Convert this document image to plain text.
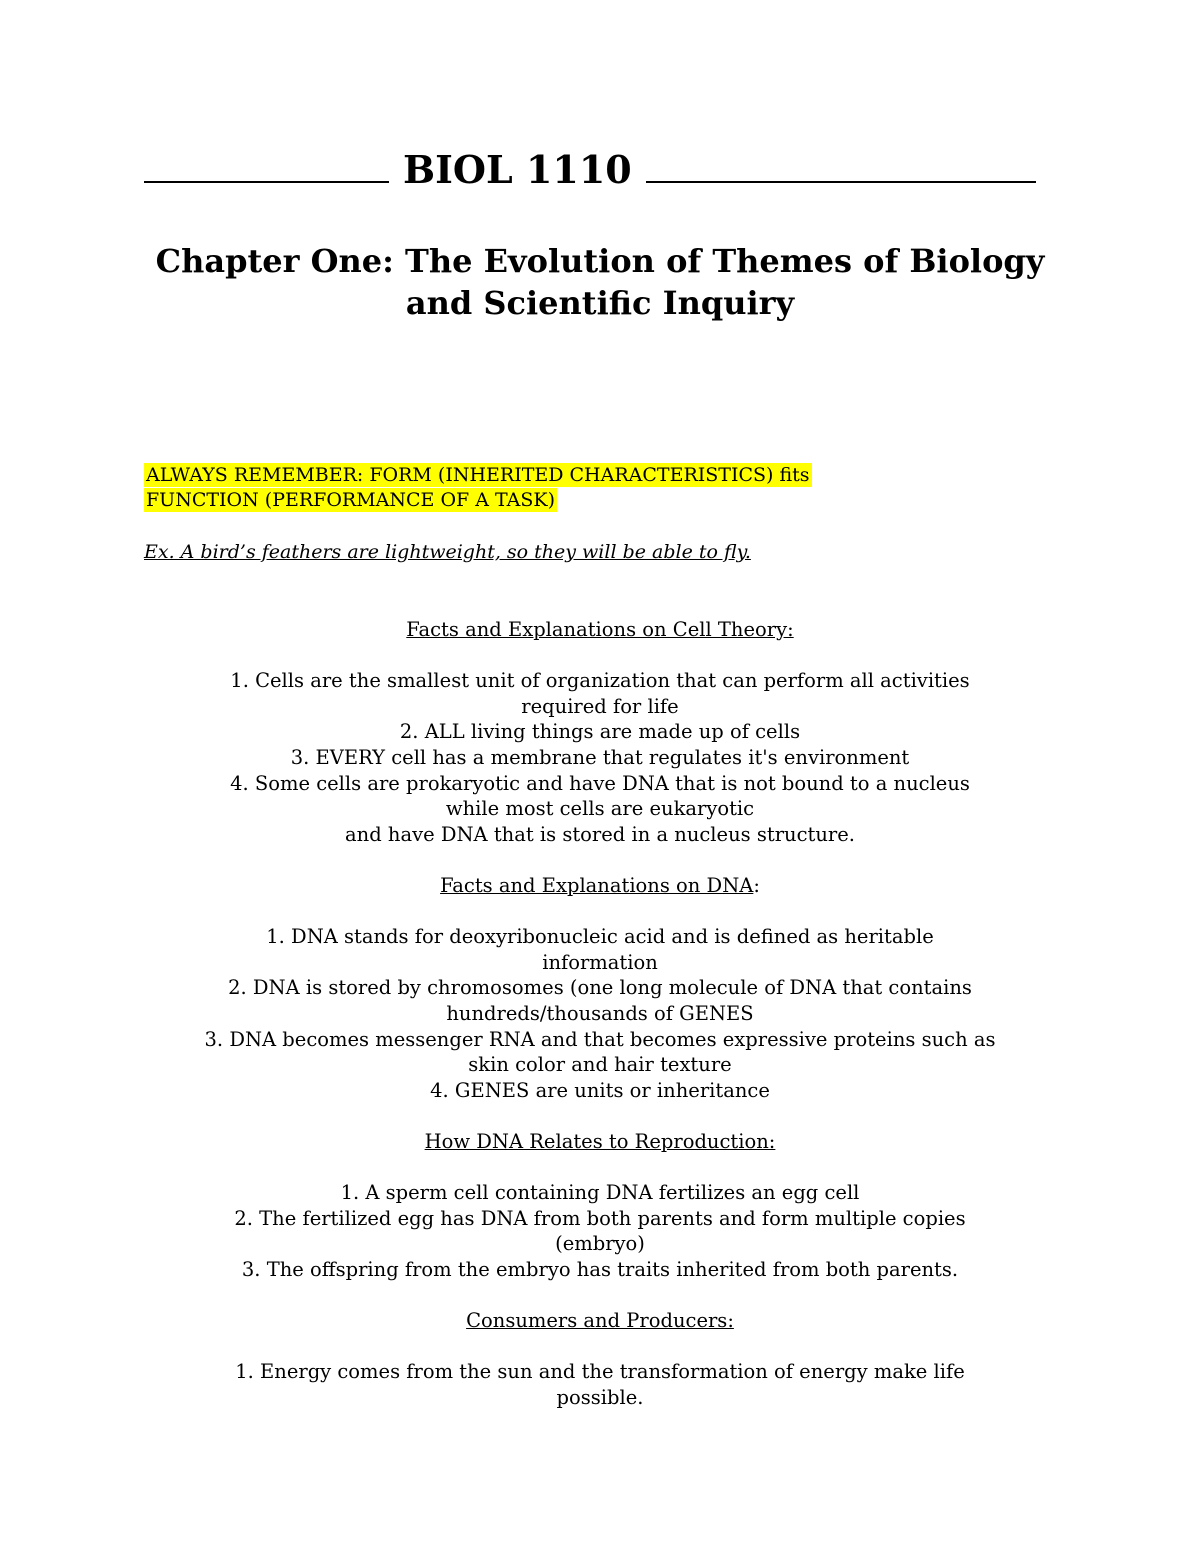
BIOL 1110
Chapter One: The Evolution of Themes of Biology
and Scientific Inquiry
ALWAYS REMEMBER: FORM (INHERITED CHARACTERISTICS) fits
FUNCTION (PERFORMANCE OF A TASK)
Ex. A bird’s feathers are lightweight, so they will be able to fly.

Facts and Explanations on Cell Theory:

1. Cells are the smallest unit of organization that can perform all activities

required for life

2. ALL living things are made up of cells

3. EVERY cell has a membrane that regulates it's environment

4. Some cells are prokaryotic and have DNA that is not bound to a nucleus

while most cells are eukaryotic

and have DNA that is stored in a nucleus structure.

Facts and Explanations on DNA:

1. DNA stands for deoxyribonucleic acid and is defined as heritable

information

2. DNA is stored by chromosomes (one long molecule of DNA that contains

hundreds/thousands of GENES

3. DNA becomes messenger RNA and that becomes expressive proteins such as

skin color and hair texture

4. GENES are units or inheritance

How DNA Relates to Reproduction:

1. A sperm cell containing DNA fertilizes an egg cell

2. The fertilized egg has DNA from both parents and form multiple copies

(embryo)

3. The offspring from the embryo has traits inherited from both parents.

Consumers and Producers:

1. Energy comes from the sun and the transformation of energy make life

possible.
